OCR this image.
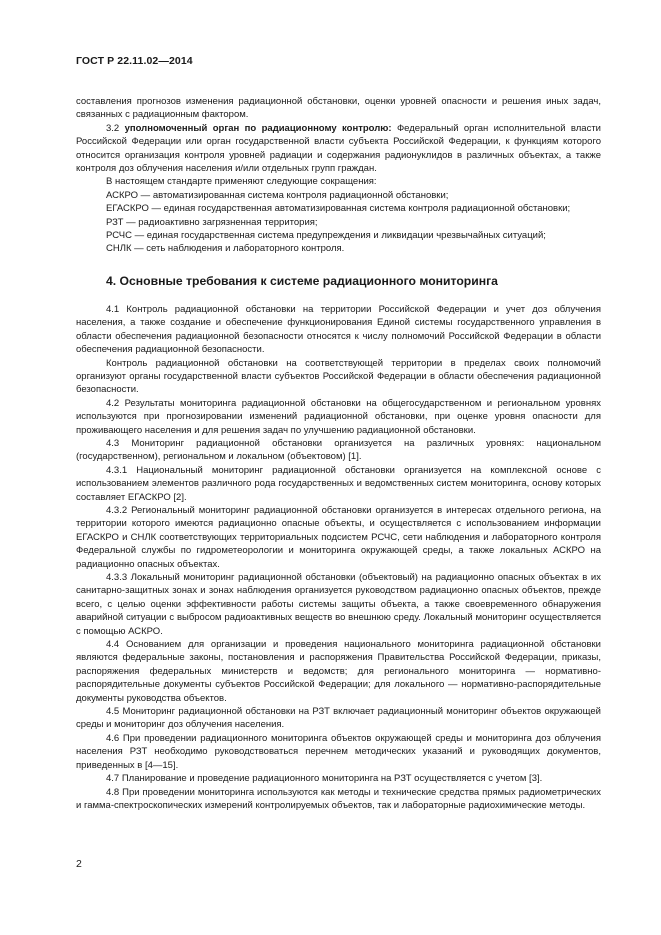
ГОСТ Р 22.11.02—2014

составления прогнозов изменения радиационной обстановки, оценки уровней опасности и решения иных задач, связанных с радиационным фактором.

3.2 уполномоченный орган по радиационному контролю: Федеральный орган исполнительной власти Российской Федерации или орган государственной власти субъекта Российской Федерации, к функциям которого относится организация контроля уровней радиации и содержания радионуклидов в различных объектах, а также контроля доз облучения населения и/или отдельных групп граждан.

В настоящем стандарте применяют следующие сокращения:

АСКРО — автоматизированная система контроля радиационной обстановки;

ЕГАСКРО — единая государственная автоматизированная система контроля радиационной обстановки;

РЗТ — радиоактивно загрязненная территория;

РСЧС — единая государственная система предупреждения и ликвидации чрезвычайных ситуаций;

СНЛК — сеть наблюдения и лабораторного контроля.

4. Основные требования к системе радиационного мониторинга

4.1 Контроль радиационной обстановки на территории Российской Федерации и учет доз облучения населения, а также создание и обеспечение функционирования Единой системы государственного управления в области обеспечения радиационной безопасности относятся к числу полномочий Российской Федерации в области обеспечения радиационной безопасности.

Контроль радиационной обстановки на соответствующей территории в пределах своих полномочий организуют органы государственной власти субъектов Российской Федерации в области обеспечения радиационной безопасности.

4.2 Результаты мониторинга радиационной обстановки на общегосударственном и региональном уровнях используются при прогнозировании изменений радиационной обстановки, при оценке уровня опасности для проживающего населения и для решения задач по улучшению радиационной обстановки.

4.3 Мониторинг радиационной обстановки организуется на различных уровнях: национальном (государственном), региональном и локальном (объектовом) [1].

4.3.1 Национальный мониторинг радиационной обстановки организуется на комплексной основе с использованием элементов различного рода государственных и ведомственных систем мониторинга, основу которых составляет ЕГАСКРО [2].

4.3.2 Региональный мониторинг радиационной обстановки организуется в интересах отдельного региона, на территории которого имеются радиационно опасные объекты, и осуществляется с использованием информации ЕГАСКРО и СНЛК соответствующих территориальных подсистем РСЧС, сети наблюдения и лабораторного контроля Федеральной службы по гидрометеорологии и мониторинга окружающей среды, а также локальных АСКРО на радиационно опасных объектах.

4.3.3 Локальный мониторинг радиационной обстановки (объектовый) на радиационно опасных объектах в их санитарно-защитных зонах и зонах наблюдения организуется руководством радиационно опасных объектов, прежде всего, с целью оценки эффективности работы системы защиты объекта, а также своевременного обнаружения аварийной ситуации с выбросом радиоактивных веществ во внешнюю среду. Локальный мониторинг осуществляется с помощью АСКРО.

4.4 Основанием для организации и проведения национального мониторинга радиационной обстановки являются федеральные законы, постановления и распоряжения Правительства Российской Федерации, приказы, распоряжения федеральных министерств и ведомств; для регионального мониторинга — нормативно-распорядительные документы субъектов Российской Федерации; для локального — нормативно-распорядительные документы руководства объектов.

4.5 Мониторинг радиационной обстановки на РЗТ включает радиационный мониторинг объектов окружающей среды и мониторинг доз облучения населения.

4.6 При проведении радиационного мониторинга объектов окружающей среды и мониторинга доз облучения населения РЗТ необходимо руководствоваться перечнем методических указаний и руководящих документов, приведенных в [4—15].

4.7 Планирование и проведение радиационного мониторинга на РЗТ осуществляется с учетом [3].

4.8 При проведении мониторинга используются как методы и технические средства прямых радиометрических и гамма-спектроскопических измерений контролируемых объектов, так и лабораторные радиохимические методы.

2
